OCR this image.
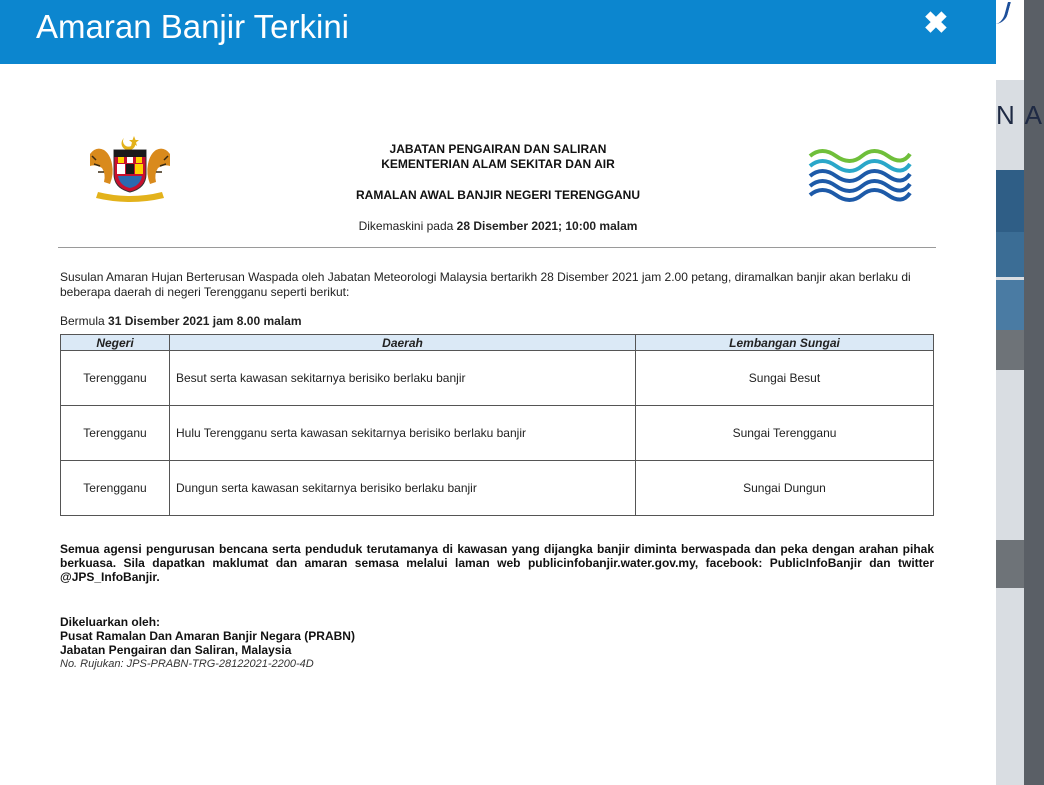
N A
Amaran Banjir Terkini	✖
JABATAN PENGAIRAN DAN SALIRAN
KEMENTERIAN ALAM SEKITAR DAN AIR
RAMALAN AWAL BANJIR NEGERI TERENGGANU
Dikemaskini pada 28 Disember 2021; 10:00 malam
Susulan Amaran Hujan Berterusan Waspada oleh Jabatan Meteorologi Malaysia bertarikh 28 Disember 2021 jam 2.00 petang, diramalkan banjir akan berlaku di beberapa daerah di negeri Terengganu seperti berikut:
Bermula 31 Disember 2021 jam 8.00 malam
Negeri	Daerah	Lembangan Sungai
Terengganu	Besut serta kawasan sekitarnya berisiko berlaku banjir	Sungai Besut
Terengganu	Hulu Terengganu serta kawasan sekitarnya berisiko berlaku banjir	Sungai Terengganu
Terengganu	Dungun serta kawasan sekitarnya berisiko berlaku banjir	Sungai Dungun
Semua agensi pengurusan bencana serta penduduk terutamanya di kawasan yang dijangka banjir diminta berwaspada dan peka dengan arahan pihak berkuasa. Sila dapatkan maklumat dan amaran semasa melalui laman web publicinfobanjir.water.gov.my, facebook: PublicInfoBanjir dan twitter @JPS_InfoBanjir.
Dikeluarkan oleh:
Pusat Ramalan Dan Amaran Banjir Negara (PRABN)
Jabatan Pengairan dan Saliran, Malaysia
No. Rujukan: JPS-PRABN-TRG-28122021-2200-4D
